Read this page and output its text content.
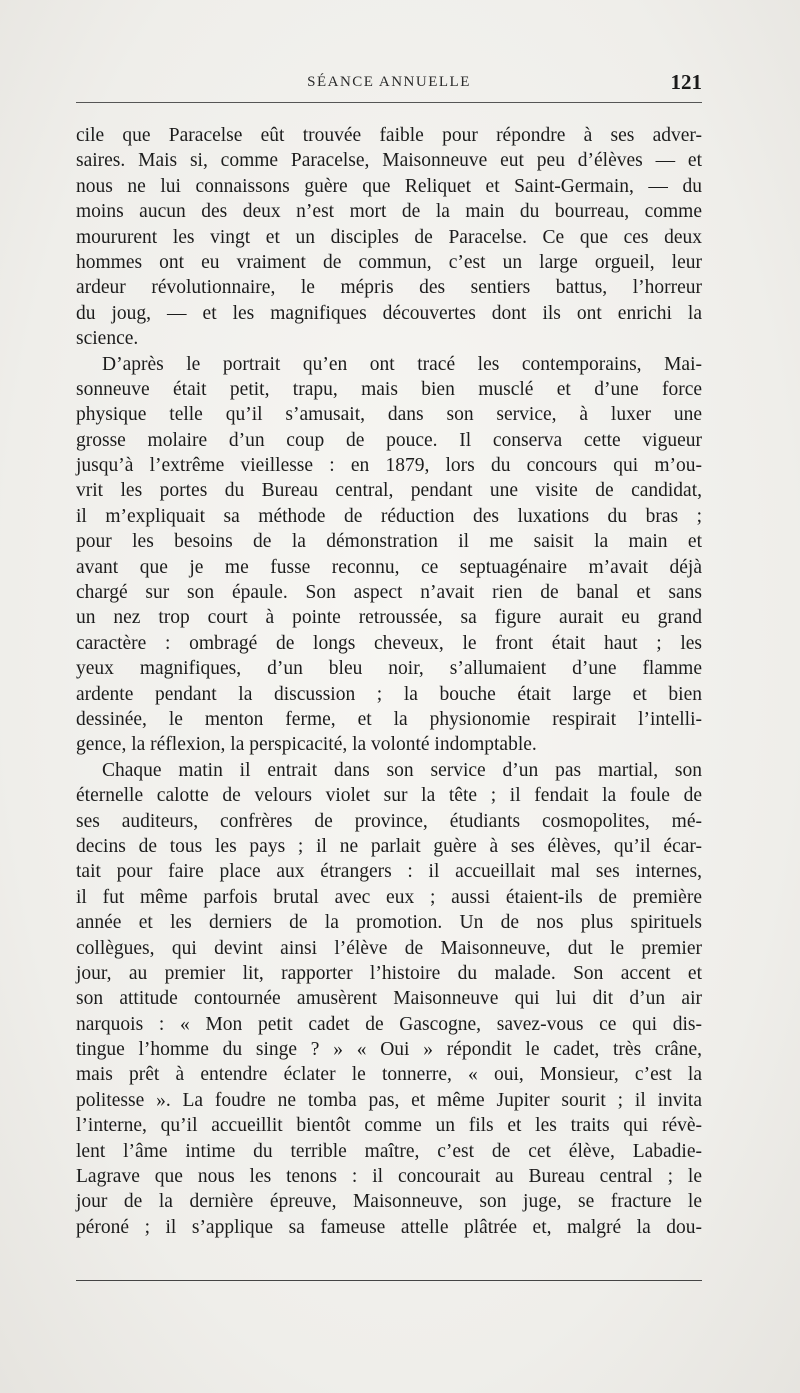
SÉANCE ANNUELLE	121
cile que Paracelse eût trouvée faible pour répondre à ses adver-
saires. Mais si, comme Paracelse, Maisonneuve eut peu d’élèves — et
nous ne lui connaissons guère que Reliquet et Saint-Germain, — du
moins aucun des deux n’est mort de la main du bourreau, comme
moururent les vingt et un disciples de Paracelse. Ce que ces deux
hommes ont eu vraiment de commun, c’est un large orgueil, leur
ardeur révolutionnaire, le mépris des sentiers battus, l’horreur
du joug, — et les magnifiques découvertes dont ils ont enrichi la
science.
D’après le portrait qu’en ont tracé les contemporains, Mai-
sonneuve était petit, trapu, mais bien musclé et d’une force
physique telle qu’il s’amusait, dans son service, à luxer une
grosse molaire d’un coup de pouce. Il conserva cette vigueur
jusqu’à l’extrême vieillesse : en 1879, lors du concours qui m’ou-
vrit les portes du Bureau central, pendant une visite de candidat,
il m’expliquait sa méthode de réduction des luxations du bras ;
pour les besoins de la démonstration il me saisit la main et
avant que je me fusse reconnu, ce septuagénaire m’avait déjà
chargé sur son épaule. Son aspect n’avait rien de banal et sans
un nez trop court à pointe retroussée, sa figure aurait eu grand
caractère : ombragé de longs cheveux, le front était haut ; les
yeux magnifiques, d’un bleu noir, s’allumaient d’une flamme
ardente pendant la discussion ; la bouche était large et bien
dessinée, le menton ferme, et la physionomie respirait l’intelli-
gence, la réflexion, la perspicacité, la volonté indomptable.
Chaque matin il entrait dans son service d’un pas martial, son
éternelle calotte de velours violet sur la tête ; il fendait la foule de
ses auditeurs, confrères de province, étudiants cosmopolites, mé-
decins de tous les pays ; il ne parlait guère à ses élèves, qu’il écar-
tait pour faire place aux étrangers : il accueillait mal ses internes,
il fut même parfois brutal avec eux ; aussi étaient-ils de première
année et les derniers de la promotion. Un de nos plus spirituels
collègues, qui devint ainsi l’élève de Maisonneuve, dut le premier
jour, au premier lit, rapporter l’histoire du malade. Son accent et
son attitude contournée amusèrent Maisonneuve qui lui dit d’un air
narquois : « Mon petit cadet de Gascogne, savez-vous ce qui dis-
tingue l’homme du singe ? » « Oui » répondit le cadet, très crâne,
mais prêt à entendre éclater le tonnerre, « oui, Monsieur, c’est la
politesse ». La foudre ne tomba pas, et même Jupiter sourit ; il invita
l’interne, qu’il accueillit bientôt comme un fils et les traits qui révè-
lent l’âme intime du terrible maître, c’est de cet élève, Labadie-
Lagrave que nous les tenons : il concourait au Bureau central ; le
jour de la dernière épreuve, Maisonneuve, son juge, se fracture le
péroné ; il s’applique sa fameuse attelle plâtrée et, malgré la dou-
